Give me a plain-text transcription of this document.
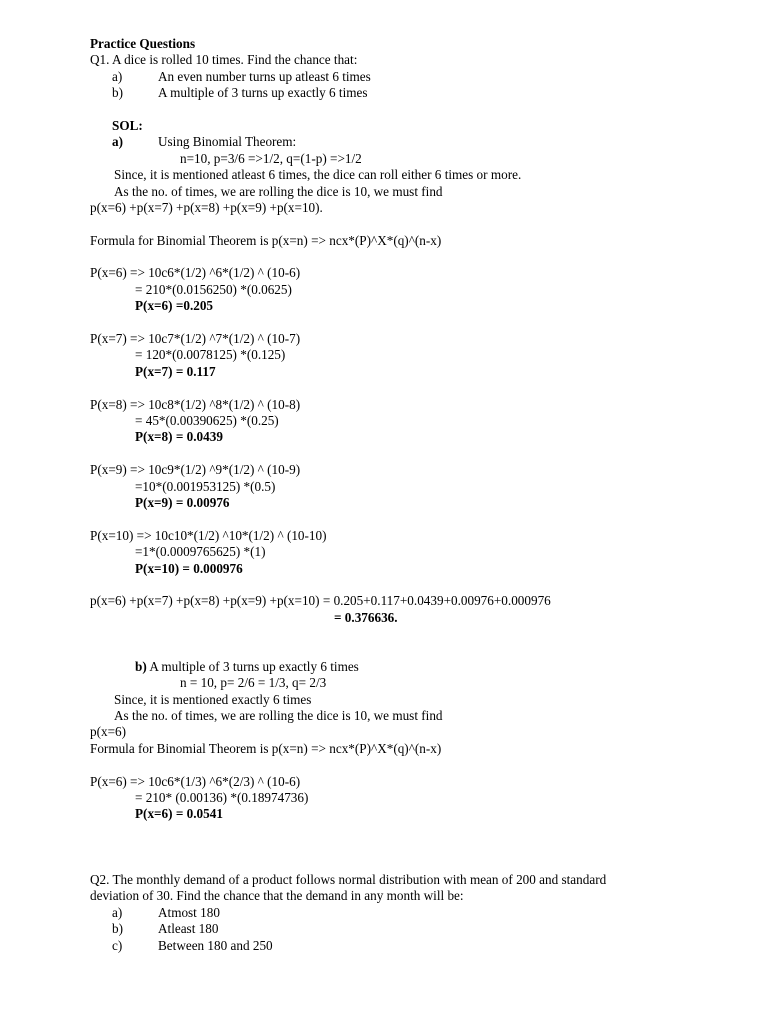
Practice Questions
Q1. A dice is rolled 10 times. Find the chance that:
a)	An even number turns up atleast 6 times
b)	A multiple of 3 turns up exactly 6 times
SOL:
a)	Using Binomial Theorem:
n=10, p=3/6 =>1/2, q=(1-p) =>1/2
Since, it is mentioned atleast 6 times, the dice can roll either 6 times or more.
As the no. of times, we are rolling the dice is 10, we must find
p(x=6) +p(x=7) +p(x=8) +p(x=9) +p(x=10).
Formula for Binomial Theorem is p(x=n) => ncx*(P)^X*(q)^(n-x)
P(x=6) => 10c6*(1/2) ^6*(1/2) ^ (10-6)
= 210*(0.0156250) *(0.0625)
P(x=6) =0.205
P(x=7) => 10c7*(1/2) ^7*(1/2) ^ (10-7)
= 120*(0.0078125) *(0.125)
P(x=7) = 0.117
P(x=8) => 10c8*(1/2) ^8*(1/2) ^ (10-8)
= 45*(0.00390625) *(0.25)
P(x=8) = 0.0439
P(x=9) => 10c9*(1/2) ^9*(1/2) ^ (10-9)
=10*(0.001953125) *(0.5)
P(x=9) = 0.00976
P(x=10) => 10c10*(1/2) ^10*(1/2) ^ (10-10)
=1*(0.0009765625) *(1)
P(x=10) = 0.000976
p(x=6) +p(x=7) +p(x=8) +p(x=9) +p(x=10) = 0.205+0.117+0.0439+0.00976+0.000976
= 0.376636.
b) A multiple of 3 turns up exactly 6 times
n = 10, p= 2/6 = 1/3, q= 2/3
Since, it is mentioned exactly 6 times
As the no. of times, we are rolling the dice is 10, we must find
p(x=6)
Formula for Binomial Theorem is p(x=n) => ncx*(P)^X*(q)^(n-x)
P(x=6) => 10c6*(1/3) ^6*(2/3) ^ (10-6)
= 210* (0.00136) *(0.18974736)
P(x=6) = 0.0541
Q2. The monthly demand of a product follows normal distribution with mean of 200 and standard
deviation of 30. Find the chance that the demand in any month will be:
a)	Atmost 180
b)	Atleast 180
c)	Between 180 and 250
